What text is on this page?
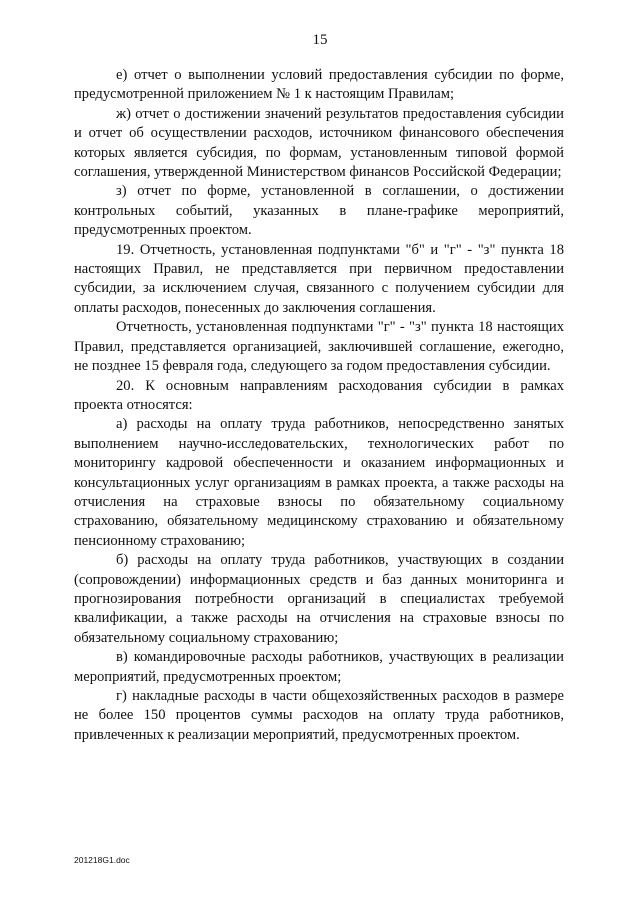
15

е) отчет о выполнении условий предоставления субсидии по форме, предусмотренной приложением № 1 к настоящим Правилам;

ж) отчет о достижении значений результатов предоставления субсидии и отчет об осуществлении расходов, источником финансового обеспечения которых является субсидия, по формам, установленным типовой формой соглашения, утвержденной Министерством финансов Российской Федерации;

з) отчет по форме, установленной в соглашении, о достижении контрольных событий, указанных в плане-графике мероприятий, предусмотренных проектом.

19. Отчетность, установленная подпунктами "б" и "г" - "з" пункта 18 настоящих Правил, не представляется при первичном предоставлении субсидии, за исключением случая, связанного с получением субсидии для оплаты расходов, понесенных до заключения соглашения.

Отчетность, установленная подпунктами "г" - "з" пункта 18 настоящих Правил, представляется организацией, заключившей соглашение, ежегодно, не позднее 15 февраля года, следующего за годом предоставления субсидии.

20. К основным направлениям расходования субсидии в рамках проекта относятся:

а) расходы на оплату труда работников, непосредственно занятых выполнением научно-исследовательских, технологических работ по мониторингу кадровой обеспеченности и оказанием информационных и консультационных услуг организациям в рамках проекта, а также расходы на отчисления на страховые взносы по обязательному социальному страхованию, обязательному медицинскому страхованию и обязательному пенсионному страхованию;

б) расходы на оплату труда работников, участвующих в создании (сопровождении) информационных средств и баз данных мониторинга и прогнозирования потребности организаций в специалистах требуемой квалификации, а также расходы на отчисления на страховые взносы по обязательному социальному страхованию;

в) командировочные расходы работников, участвующих в реализации мероприятий, предусмотренных проектом;

г) накладные расходы в части общехозяйственных расходов в размере не более 150 процентов суммы расходов на оплату труда работников, привлеченных к реализации мероприятий, предусмотренных проектом.

201218G1.doc
